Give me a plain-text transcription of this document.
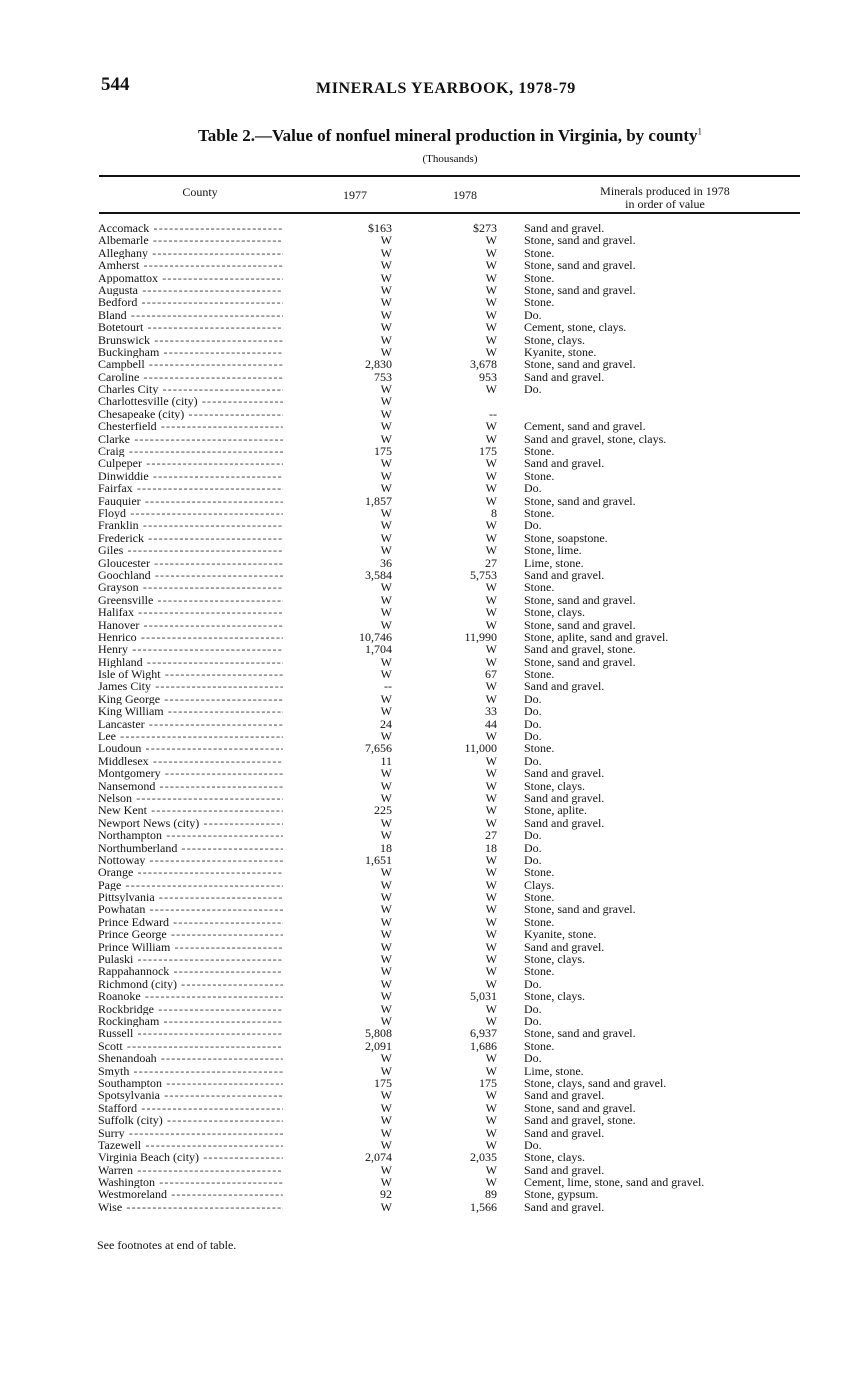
544	MINERALS YEARBOOK, 1978-79
Table 2.—Value of nonfuel mineral production in Virginia, by county$^1$
(Thousands)
County	1977	1978	Minerals produced in 1978
in order of value
Accomack -----	$163	$273 Sand and gravel.
Albemarle -----	W	W Stone, sand and gravel.
Alleghany -----	W	W Stone.
Amherst -----	W	W Stone, sand and gravel.
Appomattox -----	W	W Stone.
Augusta -----	W	W Stone, sand and gravel.
Bedford -----	W	W Stone.
Bland -----	W	W Do.
Botetourt -----	W	W Cement, stone, clays.
Brunswick -----	W	W Stone, clays.
Buckingham -----	W	W Kyanite, stone.
Campbell -----	2,830	3,678 Stone, sand and gravel.
Caroline -----	753	953 Sand and gravel.
Charles City -----	W	W Do.
Charlottesville (city) -----	W
Chesapeake (city) -----	W	--
Chesterfield -----	W	W Cement, sand and gravel.
Clarke -----	W	W Sand and gravel, stone, clays.
Craig -----	175	175 Stone.
Culpeper -----	W	W Sand and gravel.
Dinwiddie -----	W	W Stone.
Fairfax -----	W	W Do.
Fauquier -----	1,857	W Stone, sand and gravel.
Floyd -----	W	8 Stone.
Franklin -----	W	W Do.
Frederick -----	W	W Stone, soapstone.
Giles -----	W	W Stone, lime.
Gloucester -----	36	27 Lime, stone.
Goochland -----	3,584	5,753 Sand and gravel.
Grayson -----	W	W Stone.
Greensville -----	W	W Stone, sand and gravel.
Halifax -----	W	W Stone, clays.
Hanover -----	W	W Stone, sand and gravel.
Henrico -----	10,746	11,990 Stone, aplite, sand and gravel.
Henry -----	1,704	W Sand and gravel, stone.
Highland -----	W	W Stone, sand and gravel.
Isle of Wight -----	W	67 Stone.
James City -----	--	W Sand and gravel.
King George -----	W	W Do.
King William -----	W	33 Do.
Lancaster -----	24	44 Do.
Lee -----	W	W Do.
Loudoun -----	7,656	11,000 Stone.
Middlesex -----	11	W Do.
Montgomery -----	W	W Sand and gravel.
Nansemond -----	W	W Stone, clays.
Nelson -----	W	W Sand and gravel.
New Kent -----	225	W Stone, aplite.
Newport News (city) -----	W	W Sand and gravel.
Northampton -----	W	27 Do.
Northumberland -----	18	18 Do.
Nottoway -----	1,651	W Do.
Orange -----	W	W Stone.
Page -----	W	W Clays.
Pittsylvania -----	W	W Stone.
Powhatan -----	W	W Stone, sand and gravel.
Prince Edward -----	W	W Stone.
Prince George -----	W	W Kyanite, stone.
Prince William -----	W	W Sand and gravel.
Pulaski -----	W	W Stone, clays.
Rappahannock -----	W	W Stone.
Richmond (city) -----	W	W Do.
Roanoke -----	W	5,031 Stone, clays.
Rockbridge -----	W	W Do.
Rockingham -----	W	W Do.
Russell -----	5,808	6,937 Stone, sand and gravel.
Scott -----	2,091	1,686 Stone.
Shenandoah -----	W	W Do.
Smyth -----	W	W Lime, stone.
Southampton -----	175	175 Stone, clays, sand and gravel.
Spotsylvania -----	W	W Sand and gravel.
Stafford -----	W	W Stone, sand and gravel.
Suffolk (city) -----	W	W Sand and gravel, stone.
Surry -----	W	W Sand and gravel.
Tazewell -----	W	W Do.
Virginia Beach (city) -----	2,074	2,035 Stone, clays.
Warren -----	W	W Sand and gravel.
Washington -----	W	W Cement, lime, stone, sand and gravel.
Westmoreland -----	92	89 Stone, gypsum.
Wise -----	W	1,566 Sand and gravel.
See footnotes at end of table.
